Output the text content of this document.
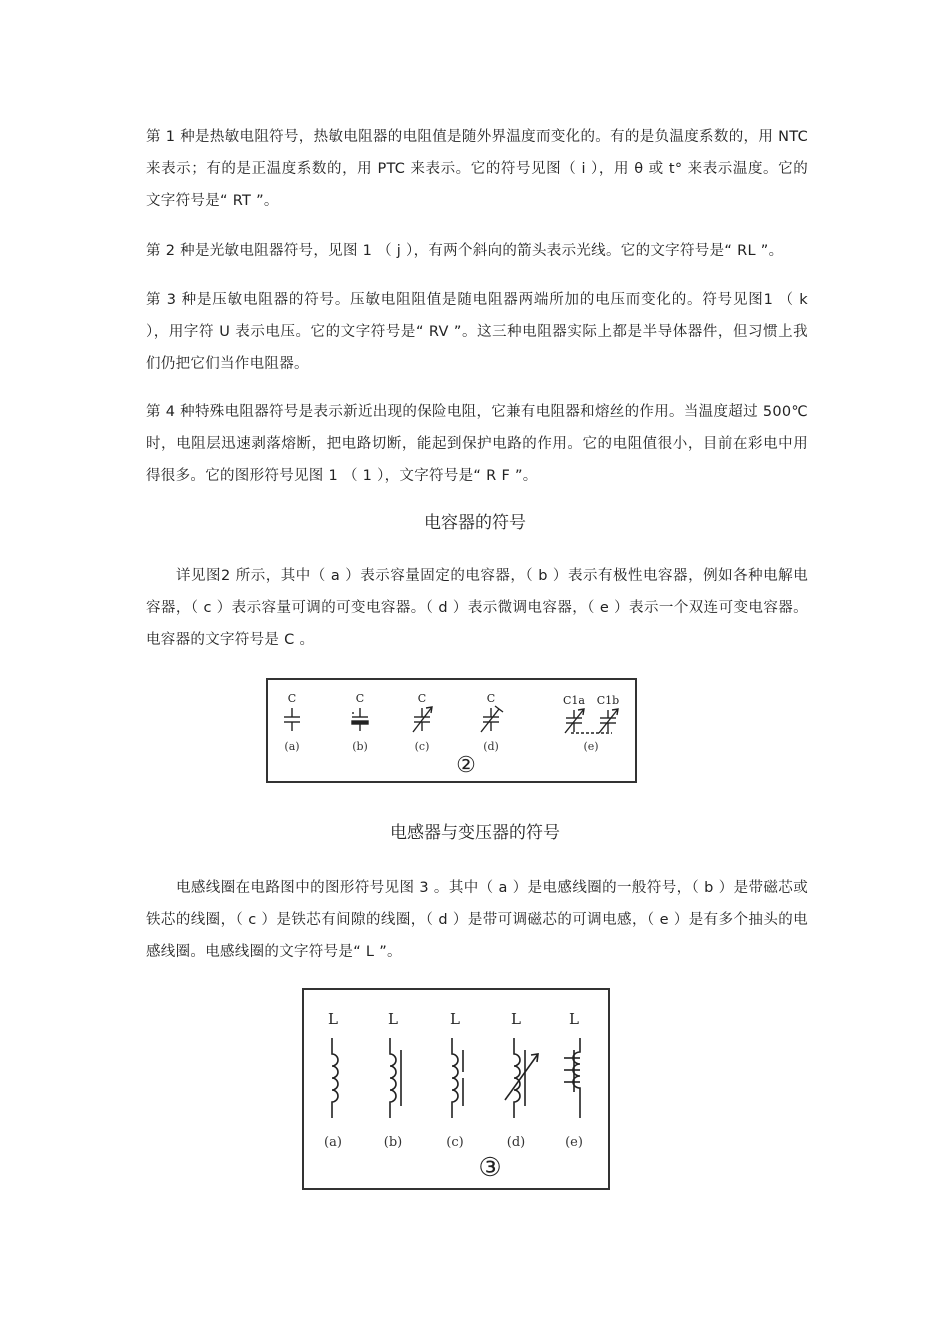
第 1 种是热敏电阻符号，热敏电阻器的电阻值是随外界温度而变化的。有的是负温度系数的，用 NTC 来表示；有的是正温度系数的，用 PTC 来表示。它的符号见图（ i ），用 θ 或 t° 来表示温度。它的文字符号是“ RT ”。

第 2 种是光敏电阻器符号，见图 1 （ j ），有两个斜向的箭头表示光线。它的文字符号是“ RL ”。

第 3 种是压敏电阻器的符号。压敏电阻阻值是随电阻器两端所加的电压而变化的。符号见图1 （ k ），用字符 U 表示电压。它的文字符号是“ RV ”。这三种电阻器实际上都是半导体器件，但习惯上我们仍把它们当作电阻器。

第 4 种特殊电阻器符号是表示新近出现的保险电阻，它兼有电阻器和熔丝的作用。当温度超过 500℃ 时，电阻层迅速剥落熔断，把电路切断，能起到保护电路的作用。它的电阻值很小，目前在彩电中用得很多。它的图形符号见图 1 （ 1 ），文字符号是“ R F ”。

电容器的符号

详见图2 所示，其中（ a ）表示容量固定的电容器，（ b ）表示有极性电容器，例如各种电解电容器，（ c ）表示容量可调的可变电容器。（ d ）表示微调电容器，（ e ）表示一个双连可变电容器。电容器的文字符号是 C 。

C	C	C	C	C1a C1b
(a)	(b)	(c)	(d)	(e)
②
电感器与变压器的符号

电感线圈在电路图中的图形符号见图 3 。其中（ a ）是电感线圈的一般符号，（ b ）是带磁芯或铁芯的线圈，（ c ）是铁芯有间隙的线圈，（ d ）是带可调磁芯的可调电感，（ e ）是有多个抽头的电感线圈。电感线圈的文字符号是“ L ”。

L	L	L	L	L
(a)	(b)	(c)	(d)	(e)
③
